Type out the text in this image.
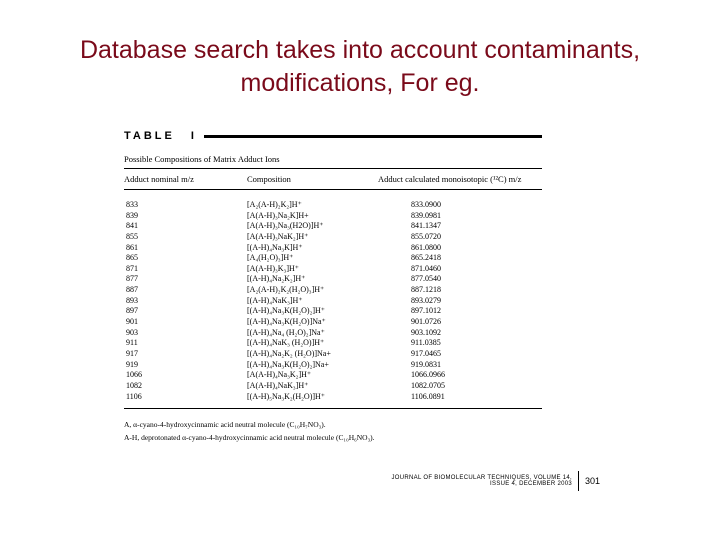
Database search takes into account contaminants,
modifications, For eg.
TABLE I
Possible Compositions of Matrix Adduct Ions
Adduct nominal m/z	Composition	Adduct calculated monoisotopic (¹²C) m/z
833	[A₂(A-H)₂K₂]H⁺	833.0900
839	[A(A-H)₃Na₂K]H+	839.0981
841	[A(A-H)₃Na₃(H2O)]H⁺	841.1347
855	[A(A-H)₃NaK₂]H⁺	855.0720
861	[(A-H)₄Na₃K]H⁺	861.0800
865	[A₄(H₂O)₃]H⁺	865.2418
871	[A(A-H)₃K₃]H⁺	871.0460
877	[(A-H)₄Na₂K₂]H⁺	877.0540
887	[A₂(A-H)₂K₂(H₂O)₃]H⁺	887.1218
893	[(A-H)₄NaK₃]H⁺	893.0279
897	[(A-H)₄Na₃K(H₂O)₂]H⁺	897.1012
901	[(A-H)₄Na₃K(H₂O)]Na⁺	901.0726
903	[(A-H)₄Na₄ (H₂O)₂]Na⁺	903.1092
911	[(A-H)₄NaK₃ (H₂O)]H⁺	911.0385
917	[(A-H)₄Na₂K₂ (H₂O)]Na+	917.0465
919	[(A-H)₄Na₃K(H₂O)₂]Na+	919.0831
1066	[A(A-H)₄Na₃K₂]H⁺	1066.0966
1082	[A(A-H)₄NaK₃]H⁺	1082.0705
1106	[(A-H)₅Na₃K₂(H₂O)]H⁺	1106.0891
A, α-cyano-4-hydroxycinnamic acid neutral molecule (C₁₀H₇NO₃).
A-H, deprotonated α-cyano-4-hydroxycinnamic acid neutral molecule (C₁₀H₆NO₃).
JOURNAL OF BIOMOLECULAR TECHNIQUES, VOLUME 14, ISSUE 4, DECEMBER 2003 301
